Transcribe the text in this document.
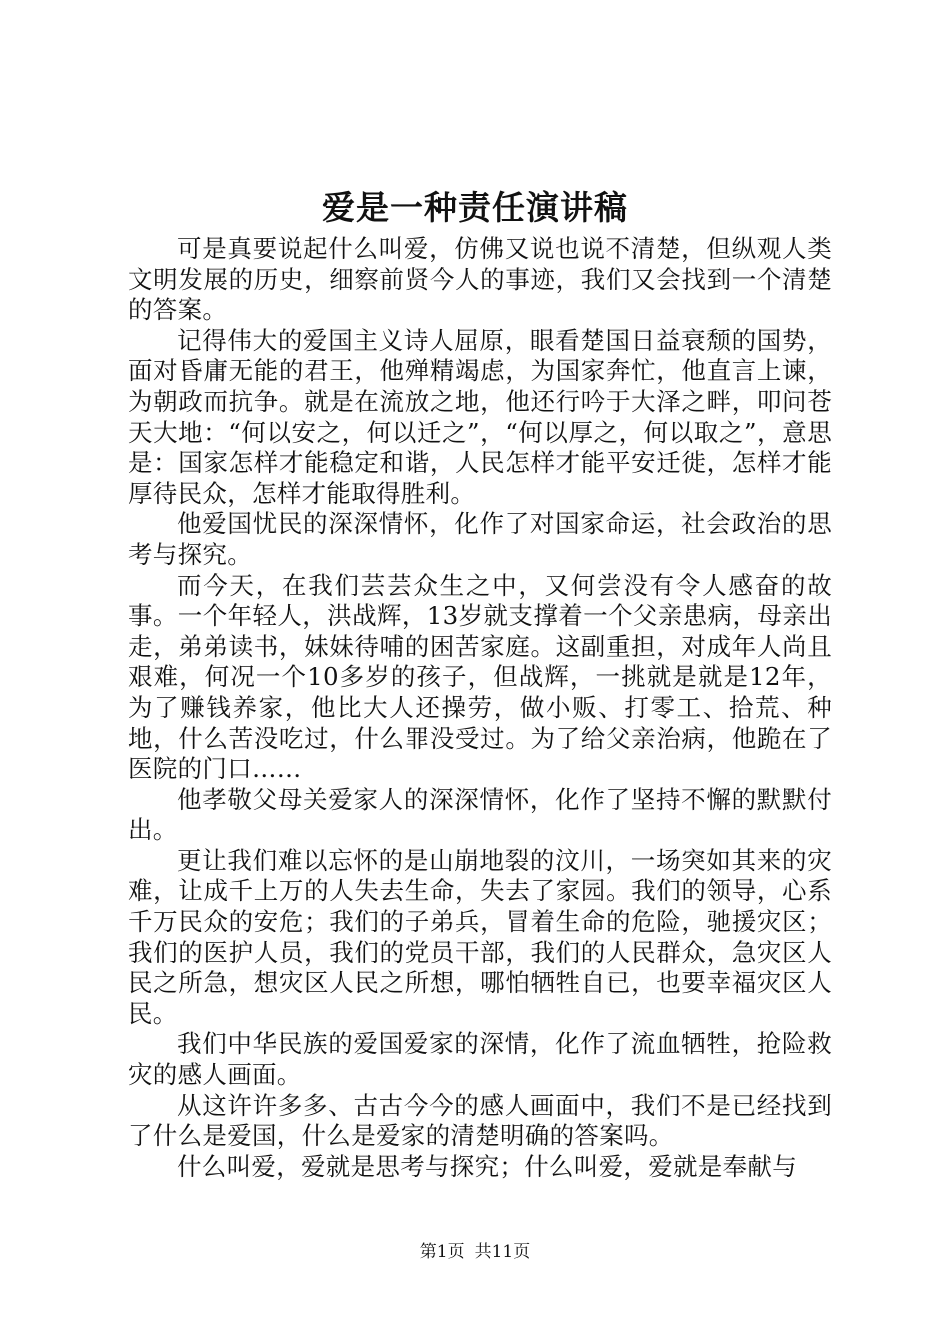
爱是一种责任演讲稿

可是真要说起什么叫爱，仿佛又说也说不清楚，但纵观人类文明发展的历史，细察前贤今人的事迹，我们又会找到一个清楚的答案。

记得伟大的爱国主义诗人屈原，眼看楚国日益衰颓的国势，面对昏庸无能的君王，他殚精竭虑，为国家奔忙，他直言上谏，为朝政而抗争。就是在流放之地，他还行吟于大泽之畔，叩问苍天大地：“何以安之，何以迁之”，“何以厚之，何以取之”，意思是：国家怎样才能稳定和谐，人民怎样才能平安迁徙，怎样才能厚待民众，怎样才能取得胜利。

他爱国忧民的深深情怀，化作了对国家命运，社会政治的思考与探究。

而今天，在我们芸芸众生之中，又何尝没有令人感奋的故事。一个年轻人，洪战辉，13岁就支撑着一个父亲患病，母亲出走，弟弟读书，妹妹待哺的困苦家庭。这副重担，对成年人尚且艰难，何况一个10多岁的孩子，但战辉，一挑就是就是12年，为了赚钱养家，他比大人还操劳，做小贩、打零工、拾荒、种地，什么苦没吃过，什么罪没受过。为了给父亲治病，他跪在了医院的门口……

他孝敬父母关爱家人的深深情怀，化作了坚持不懈的默默付出。

更让我们难以忘怀的是山崩地裂的汶川，一场突如其来的灾难，让成千上万的人失去生命，失去了家园。我们的领导，心系千万民众的安危；我们的子弟兵，冒着生命的危险，驰援灾区；我们的医护人员，我们的党员干部，我们的人民群众，急灾区人民之所急，想灾区人民之所想，哪怕牺牲自已，也要幸福灾区人民。

我们中华民族的爱国爱家的深情，化作了流血牺牲，抢险救灾的感人画面。

从这许许多多、古古今今的感人画面中，我们不是已经找到了什么是爱国，什么是爱家的清楚明确的答案吗。

什么叫爱，爱就是思考与探究；什么叫爱，爱就是奉献与

第1页 共11页
